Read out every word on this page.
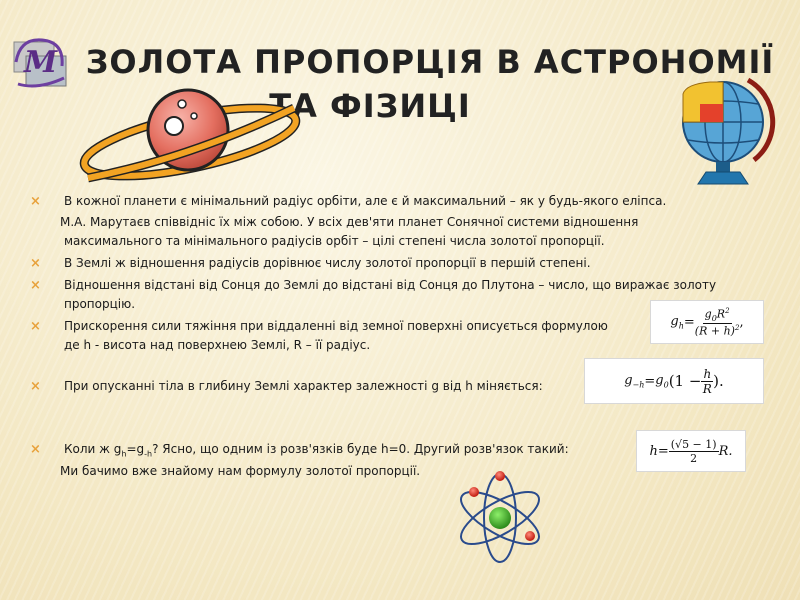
M ЗОЛОТА ПРОПОРЦІЯ В АСТРОНОМІЇ
ТА ФІЗИЦІ
× В кожної планети є мінімальний радіус орбіти, але є й максимальний – як у будь-якого еліпса.
М.А. Марутаєв співвідніс їх між собою. У всіх дев'яти планет Сонячної системи відношення
максимального та мінімального радіусів орбіт – цілі степені числа золотої пропорції.
× В Землі ж відношення радіусів дорівнює числу золотої пропорції в першій степені.
× Відношення відстані від Сонця до Землі до відстані від Сонця до Плутона – число, що виражає золоту
пропорцію.
× Прискорення сили тяжіння при віддаленні від земної поверхні описується формулою
де h - висота над поверхнею Землі, R – її радіус.
× При опусканні тіла в глибину Землі характер залежності g від h міняється:
× Коли ж $g_h=g_{-h}$? Ясно, що одним із розв'язків буде h=0. Другий розв'язок такий:
Ми бачимо вже знайому нам формулу золотої пропорції.
$g_h = \frac{g_0R^2}{(R + h)^2}$ ,
$g_{-h} = g_0$ ($1 - \frac{h}{R}$ ).
$h = \frac{(√5 - 1)}{2} R$.
